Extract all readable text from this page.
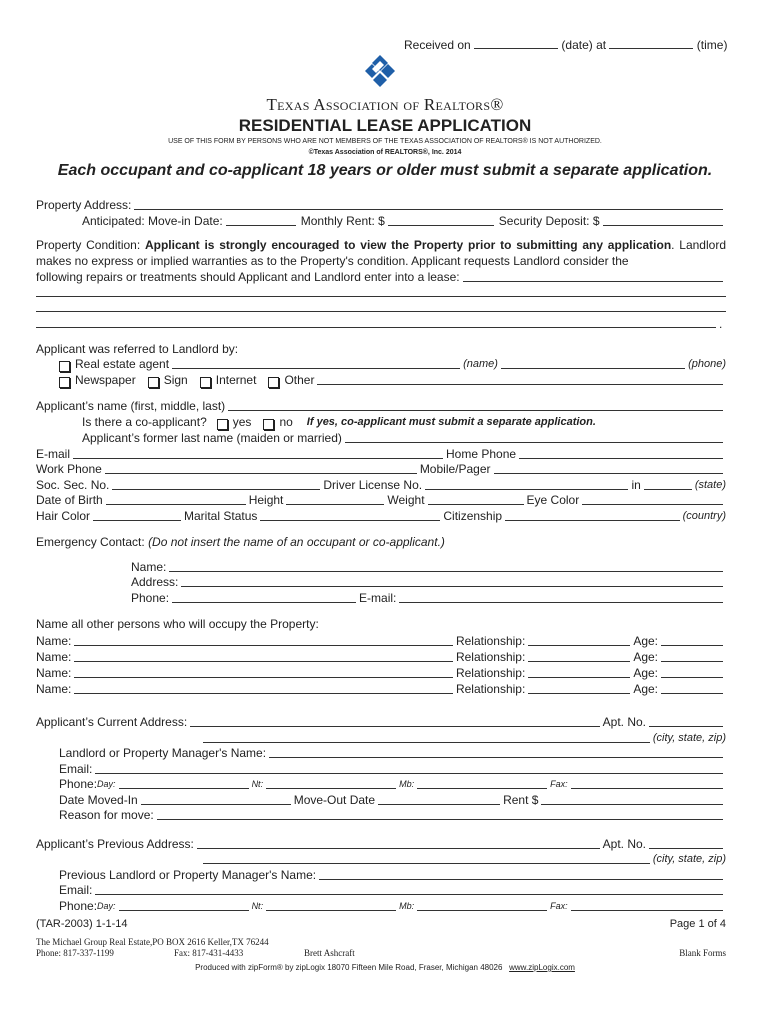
Received on	(date) at	(time)
Texas Association of Realtors®
RESIDENTIAL LEASE APPLICATION
USE OF THIS FORM BY PERSONS WHO ARE NOT MEMBERS OF THE TEXAS ASSOCIATION OF REALTORS® IS NOT AUTHORIZED.
©Texas Association of REALTORS®, Inc. 2014
Each occupant and co-applicant 18 years or older must submit a separate application.
Property Address:
Anticipated: Move-in Date:	Monthly Rent: $	Security Deposit: $
Property Condition: Applicant is strongly encouraged to view the Property prior to submitting any application. Landlord makes no express or implied warranties as to the Property's condition. Applicant requests Landlord consider the
following repairs or treatments should Applicant and Landlord enter into a lease:
.
Applicant was referred to Landlord by:
Real estate agent	(name)	(phone)
Newspaper Sign Internet Other
Applicant’s name (first, middle, last)
Is there a co-applicant? yes no If yes, co-applicant must submit a separate application.
Applicant’s former last name (maiden or married)
E-mail	Home Phone
Work Phone	Mobile/Pager
Soc. Sec. No.	Driver License No.	in	(state)
Date of Birth	Height	Weight	Eye Color
Hair Color	Marital Status	Citizenship	(country)
Emergency Contact: (Do not insert the name of an occupant or co-applicant.)
Name:
Address:
Phone:	E-mail:
Name all other persons who will occupy the Property:
Name:	Relationship:	Age:
Name:	Relationship:	Age:
Name:	Relationship:	Age:
Name:	Relationship:	Age:
Applicant’s Current Address:	Apt. No.
(city, state, zip)
Landlord or Property Manager's Name:
Email:
Phone: Day:	Nt:	Mb:	Fax:
Date Moved-In	Move-Out Date	Rent $
Reason for move:
Applicant’s Previous Address:	Apt. No.
(city, state, zip)
Previous Landlord or Property Manager's Name:
Email:
Phone: Day:	Nt:	Mb:	Fax:
(TAR-2003) 1-1-14	Page 1 of 4
The Michael Group Real Estate,PO BOX 2616 Keller,TX 76244
Phone: 817-337-1199	Fax: 817-431-4433	Brett Ashcraft	Blank Forms
Produced with zipForm® by zipLogix 18070 Fifteen Mile Road, Fraser, Michigan 48026 www.zipLogix.com
